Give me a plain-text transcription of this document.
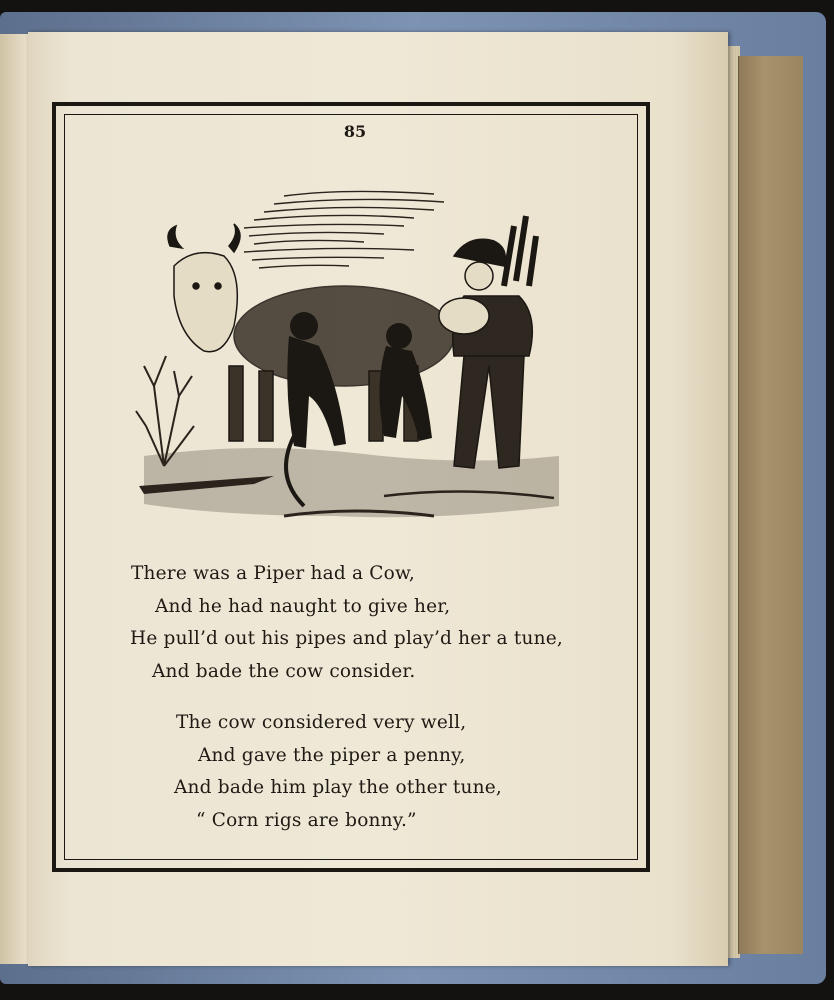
85
There was a Piper had a Cow,
And he had naught to give her,
He pull’d out his pipes and play’d her a tune,
And bade the cow consider.
The cow considered very well,
And gave the piper a penny,
And bade him play the other tune,
“ Corn rigs are bonny.”
